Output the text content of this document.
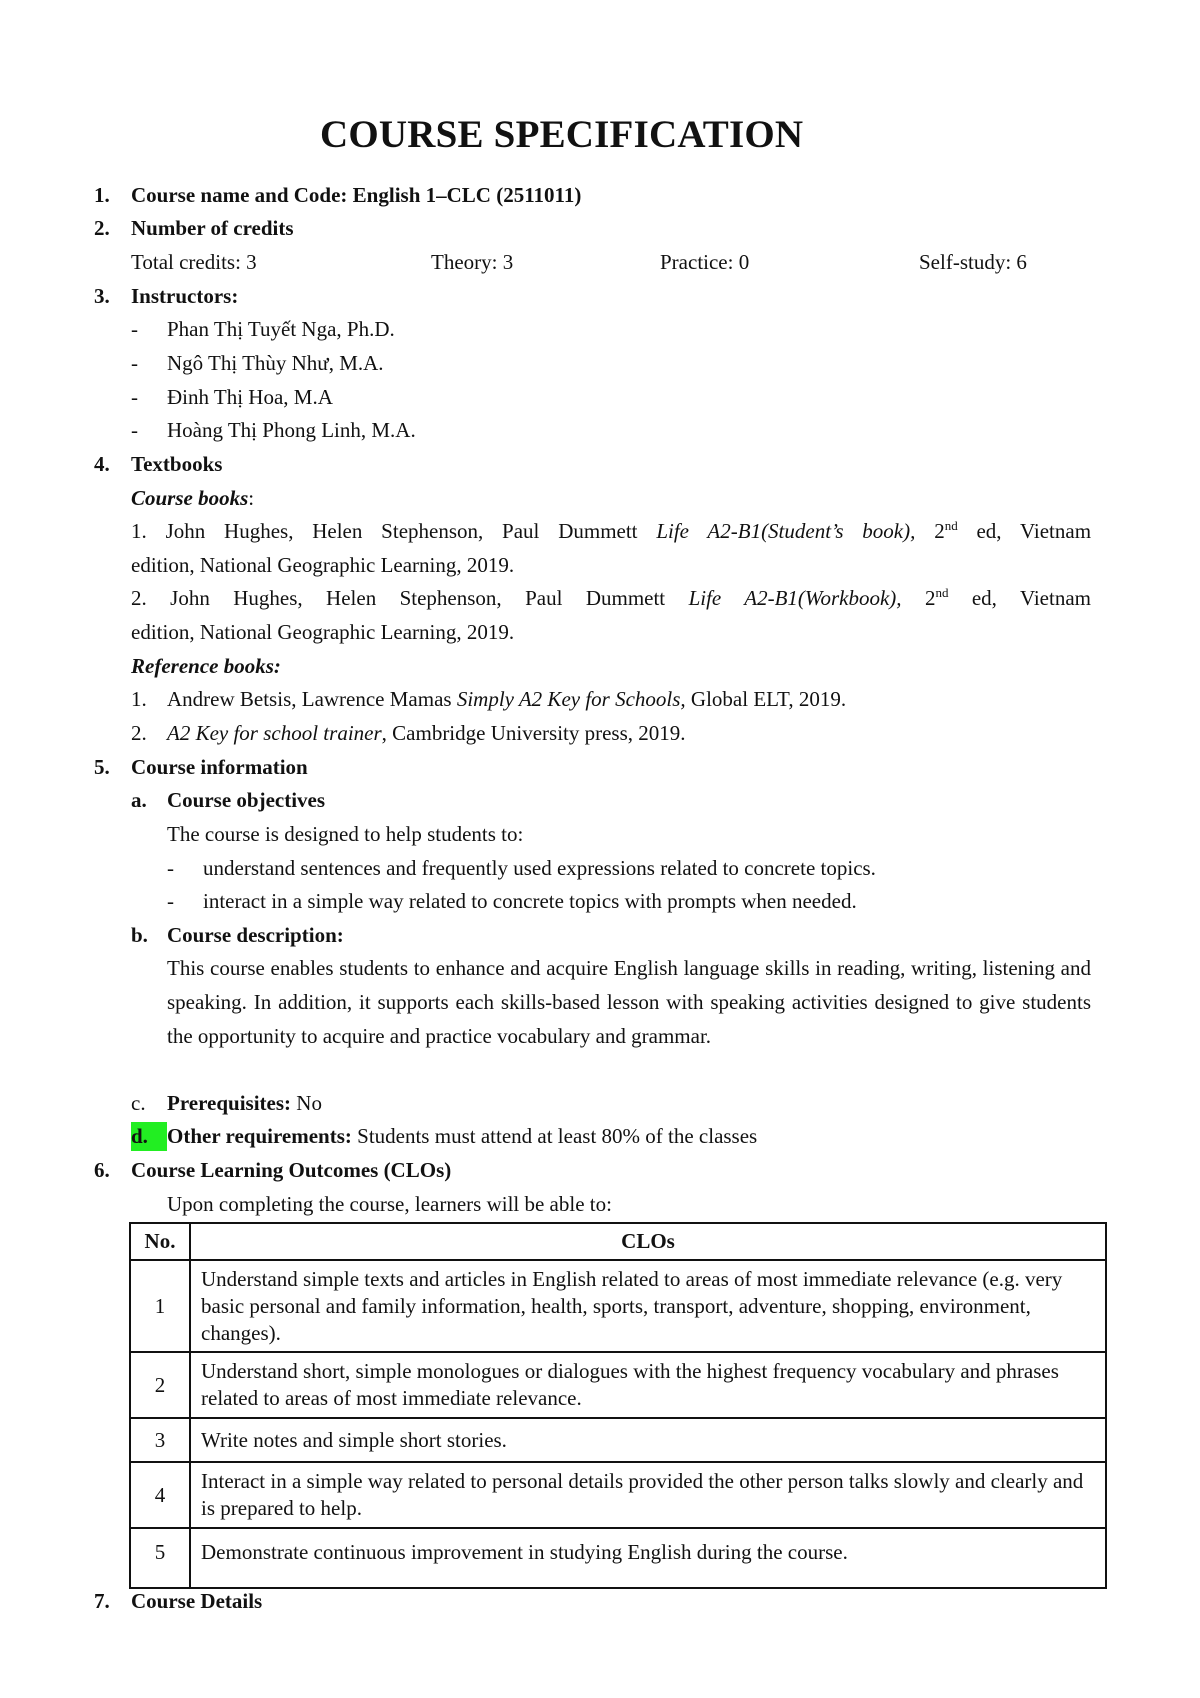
COURSE SPECIFICATION
1. Course name and Code: English 1–CLC (2511011)
2. Number of credits
Total credits: 3	Theory: 3	Practice: 0	Self-study: 6
3. Instructors:
- Phan Thị Tuyết Nga, Ph.D.
- Ngô Thị Thùy Như, M.A.
- Đinh Thị Hoa, M.A
- Hoàng Thị Phong Linh, M.A.
4. Textbooks
Course books:
1. John Hughes, Helen Stephenson, Paul Dummett Life A2-B1(Student’s book), 2nd ed, Vietnam
edition, National Geographic Learning, 2019.
2. John Hughes, Helen Stephenson, Paul Dummett Life A2-B1(Workbook), 2nd ed, Vietnam
edition, National Geographic Learning, 2019.
Reference books:
1. Andrew Betsis, Lawrence Mamas Simply A2 Key for Schools, Global ELT, 2019.
2. A2 Key for school trainer, Cambridge University press, 2019.
5. Course information
a. Course objectives
The course is designed to help students to:
- understand sentences and frequently used expressions related to concrete topics.
- interact in a simple way related to concrete topics with prompts when needed.
b. Course description:
This course enables students to enhance and acquire English language skills in reading, writing, listening and speaking. In addition, it supports each skills-based lesson with speaking activities designed to give students the opportunity to acquire and practice vocabulary and grammar.
c. Prerequisites: No
d. Other requirements: Students must attend at least 80% of the classes
6. Course Learning Outcomes (CLOs)
Upon completing the course, learners will be able to:
No.	CLOs
1	Understand simple texts and articles in English related to areas of most immediate relevance (e.g. very basic personal and family information, health, sports, transport, adventure, shopping, environment, changes).
2	Understand short, simple monologues or dialogues with the highest frequency vocabulary and phrases related to areas of most immediate relevance.
3	Write notes and simple short stories.
4	Interact in a simple way related to personal details provided the other person talks slowly and clearly and is prepared to help.
5	Demonstrate continuous improvement in studying English during the course.
7. Course Details
